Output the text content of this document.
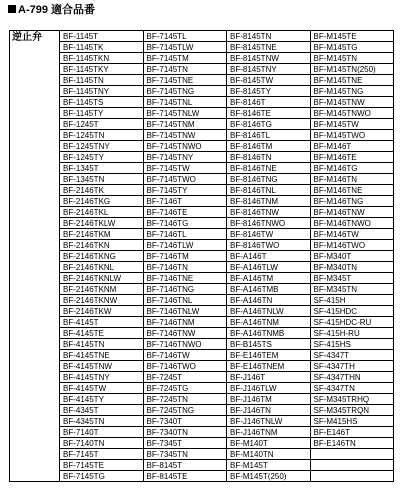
A-799 適合品番
逆止弁	BF-1145T	BF-7145TL	BF-8145TN	BF-M145TE
	BF-1145TK	BF-7145TLW	BF-8145TNE	BF-M145TG
	BF-1145TKN	BF-7145TM	BF-8145TNW	BF-M145TN
	BF-1145TKY	BF-7145TN	BF-8145TNY	BF-M145TN(250)
	BF-1145TN	BF-7145TNE	BF-8145TW	BF-M145TNE
	BF-1145TNY	BF-7145TNG	BF-8145TY	BF-M145TNG
	BF-1145TS	BF-7145TNL	BF-8146T	BF-M145TNW
	BF-1145TY	BF-7145TNLW	BF-8146TE	BF-M145TNWO
	BF-1245T	BF-7145TNM	BF-8146TG	BF-M145TW
	BF-1245TN	BF-7145TNW	BF-8146TL	BF-M145TWO
	BF-1245TNY	BF-7145TNWO	BF-8146TM	BF-M146T
	BF-1245TY	BF-7145TNY	BF-8146TN	BF-M146TE
	BF-1345T	BF-7145TW	BF-8146TNE	BF-M146TG
	BF-1345TN	BF-7145TWO	BF-8146TNG	BF-M146TN
	BF-2146TK	BF-7145TY	BF-8146TNL	BF-M146TNE
	BF-2146TKG	BF-7146T	BF-8146TNM	BF-M146TNG
	BF-2146TKL	BF-7146TE	BF-8146TNW	BF-M146TNW
	BF-2146TKLW	BF-7146TG	BF-8146TNWO	BF-M146TNWO
	BF-2146TKM	BF-7146TL	BF-8146TW	BF-M146TW
	BF-2146TKN	BF-7146TLW	BF-8146TWO	BF-M146TWO
	BF-2146TKNG	BF-7146TM	BF-A146T	BF-M340T
	BF-2146TKNL	BF-7146TN	BF-A146TLW	BF-M340TN
	BF-2146TKNLW	BF-7146TNE	BF-A146TM	BF-M345T
	BF-2146TKNM	BF-7146TNG	BF-A146TMB	BF-M345TN
	BF-2146TKNW	BF-7146TNL	BF-A146TN	SF-415H
	BF-2146TKW	BF-7146TNLW	BF-A146TNLW	SF-415HDC
	BF-4145T	BF-7146TNM	BF-A146TNM	SF-415HDC-RU
	BF-4145TE	BF-7146TNW	BF-A146TNMB	SF-415H-RU
	BF-4145TN	BF-7146TNWO	BF-B145TS	SF-415HS
	BF-4145TNE	BF-7146TW	BF-E146TEM	SF-4347T
	BF-4145TNW	BF-7146TWO	BF-E146TNEM	SF-4347TH
	BF-4145TNY	BF-7245T	BF-J146T	SF-4347THN
	BF-4145TW	BF-7245TG	BF-J146TLW	SF-4347TN
	BF-4145TY	BF-7245TN	BF-J146TM	SF-M345TRHQ
	BF-4345T	BF-7245TNG	BF-J146TN	SF-M345TRQN
	BF-4345TN	BF-7340T	BF-J146TNLW	SF-M415HS
	BF-7140T	BF-7340TN	BF-J146TNM	BF-E146T
	BF-7140TN	BF-7345T	BF-M140T	BF-E146TN
	BF-7145T	BF-7345TN	BF-M140TN	
	BF-7145TE	BF-8145T	BF-M145T	
	BF-7145TG	BF-8145TE	BF-M145T(250)	
